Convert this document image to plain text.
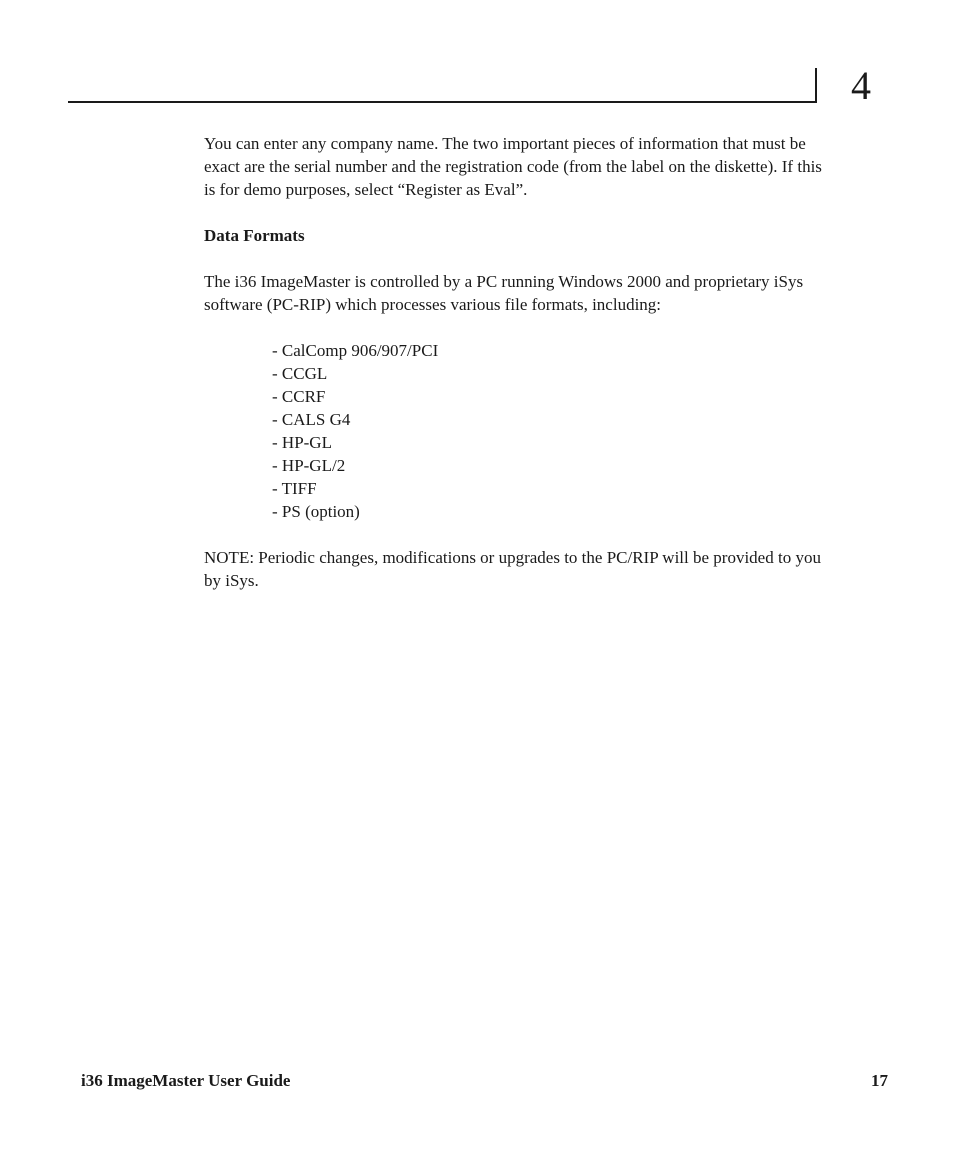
4

You can enter any company name. The two important pieces of information that must be exact are the serial number and the registration code (from the label on the diskette). If this is for demo purposes, select “Register as Eval”.

Data Formats

The i36 ImageMaster is controlled by a PC running Windows 2000 and proprietary iSys software (PC-RIP) which processes various file formats, including:

- CalComp 906/907/PCI
- CCGL
- CCRF
- CALS G4
- HP-GL
- HP-GL/2
- TIFF
- PS (option)

NOTE: Periodic changes, modifications or upgrades to the PC/RIP will be provided to you by iSys.

i36 ImageMaster User Guide	17
